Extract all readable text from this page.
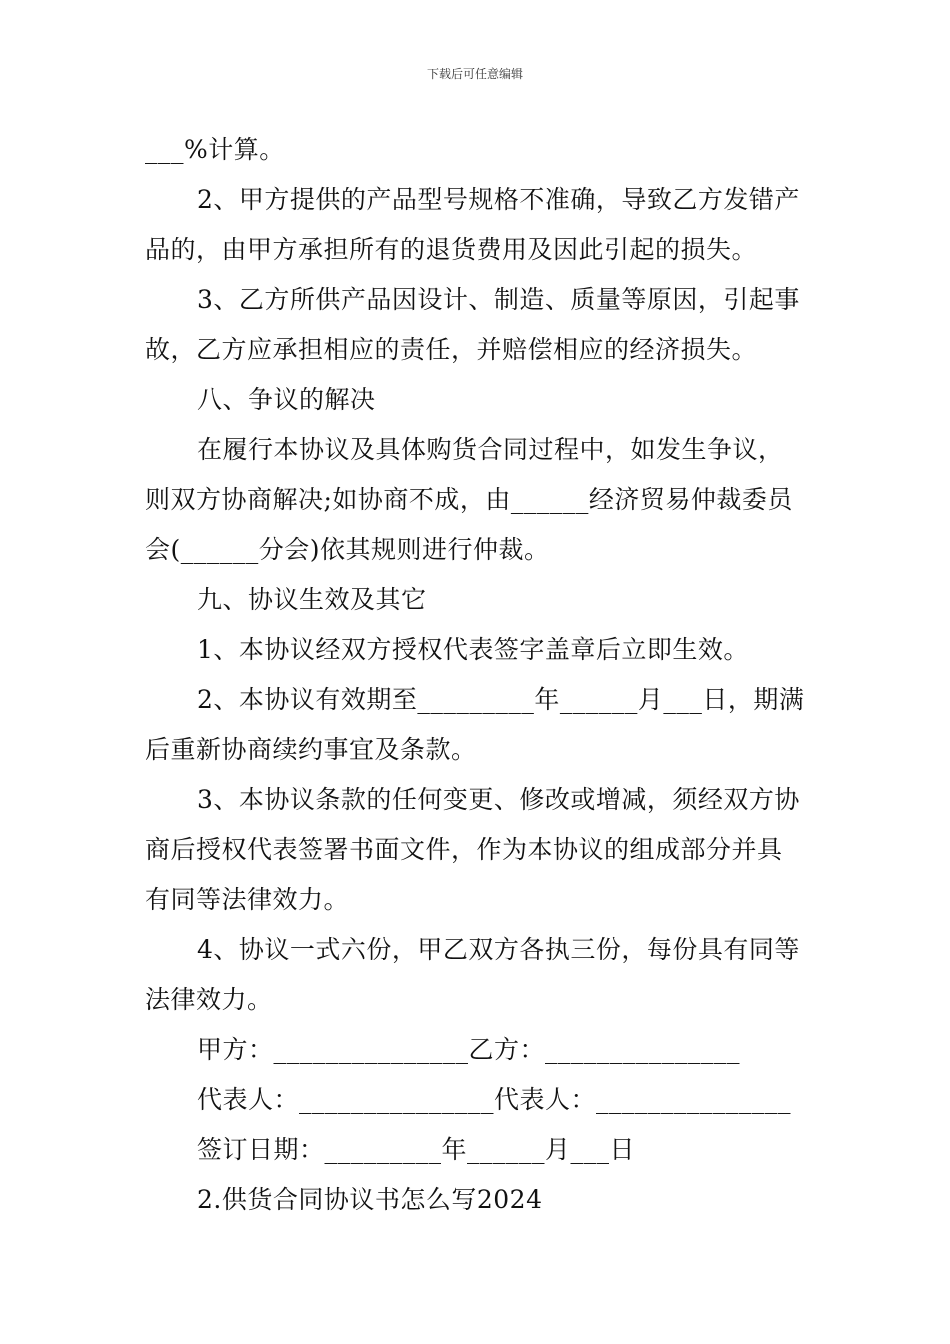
下载后可任意编辑
___%计算。
2、甲方提供的产品型号规格不准确，导致乙方发错产
品的，由甲方承担所有的退货费用及因此引起的损失。
3、乙方所供产品因设计、制造、质量等原因，引起事
故，乙方应承担相应的责任，并赔偿相应的经济损失。
八、争议的解决
在履行本协议及具体购货合同过程中，如发生争议，
则双方协商解决;如协商不成，由______经济贸易仲裁委员
会(______分会)依其规则进行仲裁。
九、协议生效及其它
1、本协议经双方授权代表签字盖章后立即生效。
2、本协议有效期至_________年______月___日，期满
后重新协商续约事宜及条款。
3、本协议条款的任何变更、修改或增减，须经双方协
商后授权代表签署书面文件，作为本协议的组成部分并具
有同等法律效力。
4、协议一式六份，甲乙双方各执三份，每份具有同等
法律效力。
甲方：_______________乙方：_______________
代表人：_______________代表人：_______________
签订日期：_________年______月___日
2.供货合同协议书怎么写2024
